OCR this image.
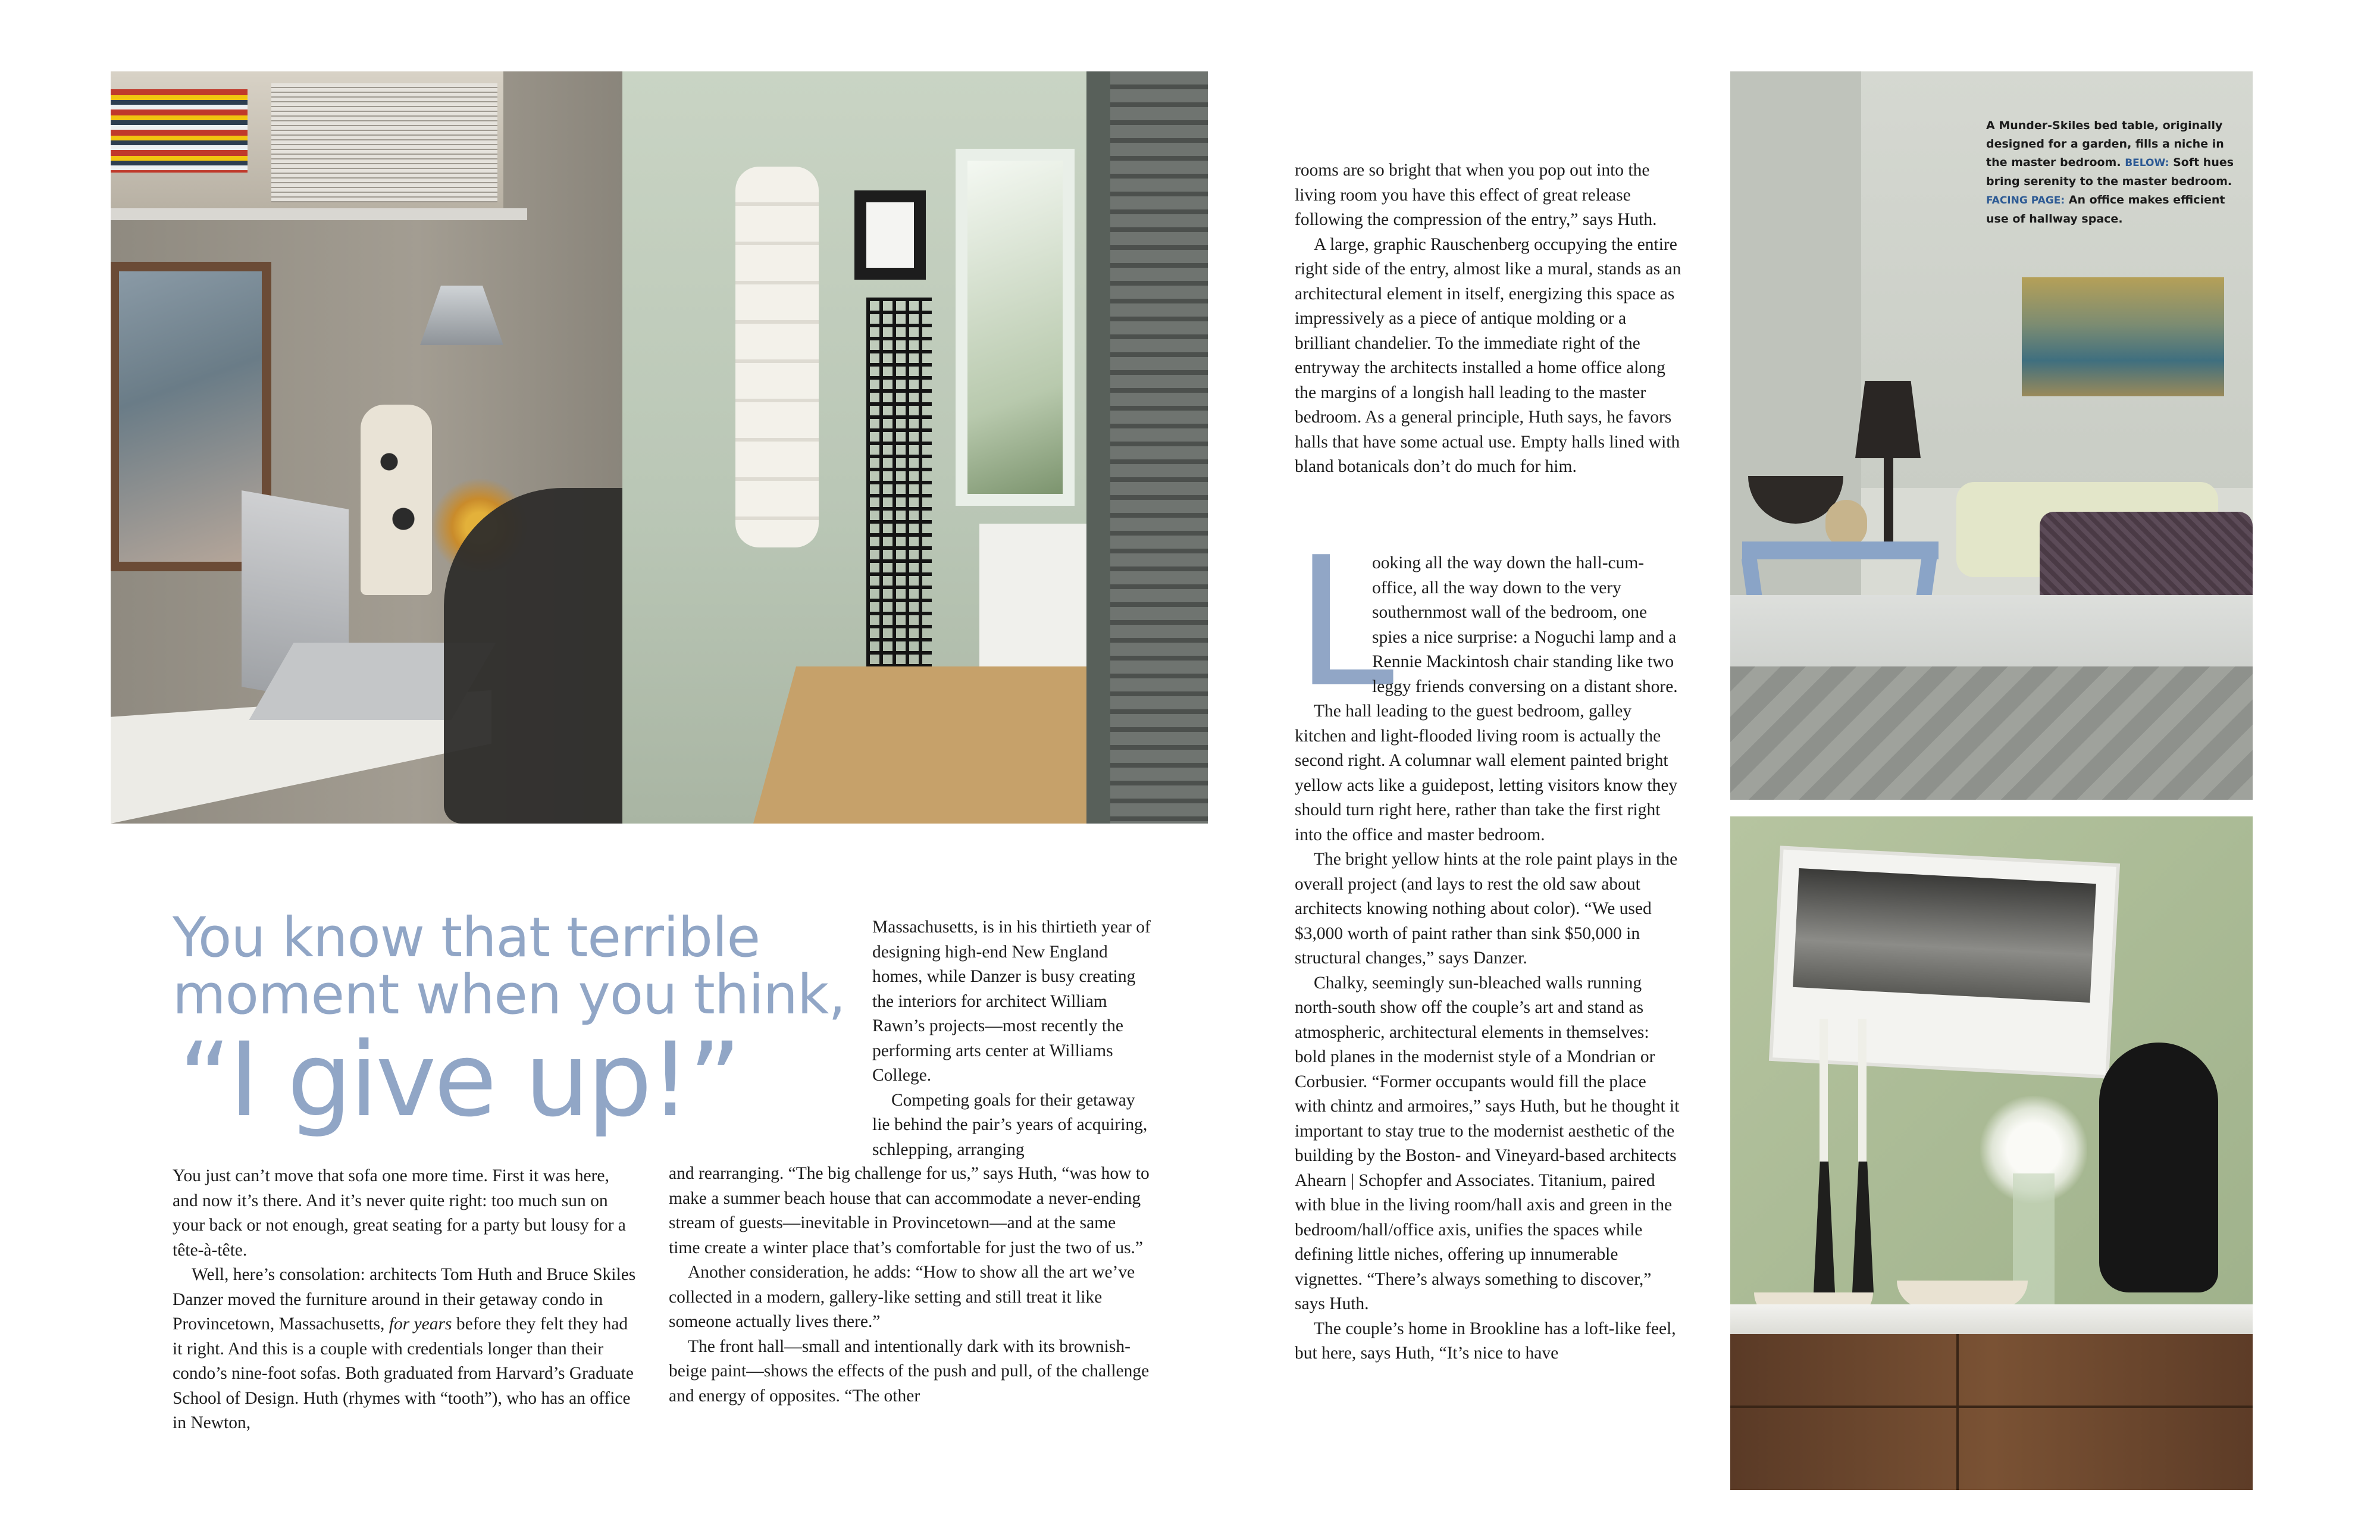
A Munder-Skiles bed table, originally designed for a garden, fills a niche in the master bedroom. BELOW: Soft hues bring serenity to the master bedroom. FACING PAGE: An office makes efficient use of hallway space.
You know that terrible
moment when you think,
“I give up!”

You just can’t move that sofa one more time. First it was here, and now it’s there. And it’s never quite right: too much sun on your back or not enough, great seating for a party but lousy for a tête-à-tête.

Well, here’s consolation: architects Tom Huth and Bruce Skiles Danzer moved the furniture around in their getaway condo in Provincetown, Massachusetts, for years before they felt they had it right. And this is a couple with credentials longer than their condo’s nine-foot sofas. Both graduated from Harvard’s Graduate School of Design. Huth (rhymes with “tooth”), who has an office in Newton,

Massachusetts, is in his thirtieth year of designing high-end New England homes, while Danzer is busy creating the interiors for architect William Rawn’s projects—most recently the performing arts center at Williams College.

Competing goals for their getaway lie behind the pair’s years of acquiring, schlepping, arranging

and rearranging. “The big challenge for us,” says Huth, “was how to make a summer beach house that can accommodate a never-ending stream of guests—inevitable in Provincetown—and at the same time create a winter place that’s comfortable for just the two of us.”

Another consideration, he adds: “How to show all the art we’ve collected in a modern, gallery-like setting and still treat it like someone actually lives there.”

The front hall—small and intentionally dark with its brownish-beige paint—shows the effects of the push and pull, of the challenge and energy of opposites. “The other

rooms are so bright that when you pop out into the living room you have this effect of great release following the compression of the entry,” says Huth.

A large, graphic Rauschenberg occupying the entire right side of the entry, almost like a mural, stands as an architectural element in itself, energizing this space as impressively as a piece of antique molding or a brilliant chandelier. To the immediate right of the entryway the architects installed a home office along the margins of a longish hall leading to the master bedroom. As a general principle, Huth says, he favors halls that have some actual use. Empty halls lined with bland botanicals don’t do much for him.

L
ooking all the way down the hall-cum-office, all the way down to the very southernmost wall of the bedroom, one spies a nice surprise: a Noguchi lamp and a Rennie Mackintosh chair standing like two leggy friends conversing on a distant shore.

The hall leading to the guest bedroom, galley kitchen and light-flooded living room is actually the second right. A columnar wall element painted bright yellow acts like a guidepost, letting visitors know they should turn right here, rather than take the first right into the office and master bedroom.

The bright yellow hints at the role paint plays in the overall project (and lays to rest the old saw about architects knowing nothing about color). “We used $3,000 worth of paint rather than sink $50,000 in structural changes,” says Danzer.

Chalky, seemingly sun-bleached walls running north-south show off the couple’s art and stand as atmospheric, architectural elements in themselves: bold planes in the modernist style of a Mondrian or Corbusier. “Former occupants would fill the place with chintz and armoires,” says Huth, but he thought it important to stay true to the modernist aesthetic of the building by the Boston- and Vineyard-based architects Ahearn | Schopfer and Associates. Titanium, paired with blue in the living room/hall axis and green in the bedroom/hall/office axis, unifies the spaces while defining little niches, offering up innumerable vignettes. “There’s always something to discover,” says Huth.

The couple’s home in Brookline has a loft-like feel, but here, says Huth, “It’s nice to have
